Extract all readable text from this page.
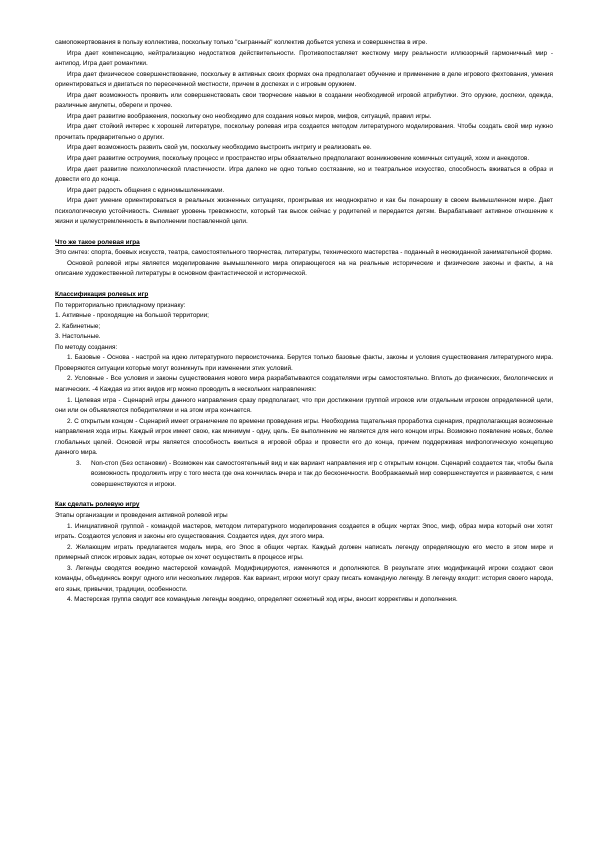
самопожертвования в пользу коллектива, поскольку только "сыгранный" коллектив добьется успеха и совершенства в игре.

Игра дает компенсацию, нейтрализацию недостатков действительности. Противопоставляет жесткому миру реальности иллюзорный гармоничный мир - антипод. Игра дает романтики.

Игра дает физическое совершенствование, поскольку в активных своих формах она предполагает обучение и применение в деле игрового фехтования, умения ориентироваться и двигаться по пересеченной местности, причем в доспехах и с игровым оружием.

Игра дает возможность проявить или совершенствовать свои творческие навыки в создании необходимой игровой атрибутики. Это оружие, доспехи, одежда, различные амулеты, обереги и прочее.

Игра дает развитие воображения, поскольку оно необходимо для создания новых миров, мифов, ситуаций, правил игры.

Игра дает стойкий интерес к хорошей литературе, поскольку ролевая игра создается методом литературного моделирования. Чтобы создать свой мир нужно прочитать предварительно о других.

Игра дает возможность развить свой ум, поскольку необходимо выстроить интригу и реализовать ее.

Игра дает развитие остроумия, поскольку процесс и пространство игры обязательно предполагают возникновение комичных ситуаций, хохм и анекдотов.

Игра дает развитие психологической пластичности. Игра далеко не одно только состязание, но и театральное искусство, способность вживаться в образ и довести его до конца.

Игра дает радость общения с единомышленниками.

Игра дает умение ориентироваться в реальных жизненных ситуациях, проигрывая их неоднократно и как бы понарошку в своем вымышленном мире. Дает психологическую устойчивость. Снимает уровень тревожности, который так высок сейчас у родителей и передается детям. Вырабатывает активное отношение к жизни и целеустремленность в выполнении поставленной цели.

Что же такое ролевая игра

Это синтез: спорта, боевых искусств, театра, самостоятельного творчества, литературы, технического мастерства - поданный в неожиданной занимательной форме.

Основой ролевой игры является моделирование вымышленного мира опирающегося на на реальные исторические и физические законы и факты, а на описание художественной литературы в основном фантастической и исторической.

Классификация ролевых игр

По территориально прикладному признаку:

1. Активные - проходящие на большой территории;

2. Кабинетные;

3. Настольные.

По методу создания:

1. Базовые - Основа - настрой на идею литературного первоисточника. Берутся только базовые факты, законы и условия существования литературного мира. Проверяются ситуации которые могут возникнуть при изменении этих условий.

2. Условные - Все условия и законы существования нового мира разрабатываются создателями игры самостоятельно. Вплоть до физических, биологических и магических. -4 Каждая из этих видов игр можно проводить в нескольких направлениях:

1. Целевая игра - Сценарий игры данного направления сразу предполагает, что при достижении группой игроков или отдельным игроком определенной цели, они или он объявляются победителями и на этом игра кончается.

2. С открытым концом - Сценарий имеет ограничение по времени проведения игры. Необходима тщательная проработка сценария, предполагающая возможные направления хода игры. Каждый игрок имеет свою, как минимум - одну, цель. Ее выполнение не является для него концом игры. Возможно появление новых, более глобальных целей. Основой игры является способность вжиться в игровой образ и провести его до конца, причем поддерживая мифологическую концепцию данного мира.

3.	Non-стоп (Без остановки) - Возможен как самостоятельный вид и как вариант направления игр с открытым концом. Сценарий создается так, чтобы была возможность продолжить игру с того места где она кончилась вчера и так до бесконечности. Воображаемый мир совершенствуется и развивается, с ним совершенствуются и игроки.

Как сделать ролевую игру

Этапы организации и проведения активной ролевой игры

1. Инициативной группой - командой мастеров, методом литературного моделирования создается в общих чертах Эпос, миф, образ мира который они хотят играть. Создаются условия и законы его существования. Создается идея, дух этого мира.

2. Желающим играть предлагается модель мира, его Эпос в общих чертах. Каждый должен написать легенду определяющую его место в этом мире и примерный список игровых задач, которые он хочет осуществить в процессе игры.

3. Легенды сводятся воедино мастерской командой. Модифицируются, изменяются и дополняются. В результате этих модификаций игроки создают свои команды, объединясь вокруг одного или нескольких лидеров. Как вариант, игроки могут сразу писать командную легенду. В легенду входит: история своего народа, его язык, привычки, традиции, особенности.

4. Мастерская группа сводит все командные легенды воедино, определяет сюжетный ход игры, вносит коррективы и дополнения.
